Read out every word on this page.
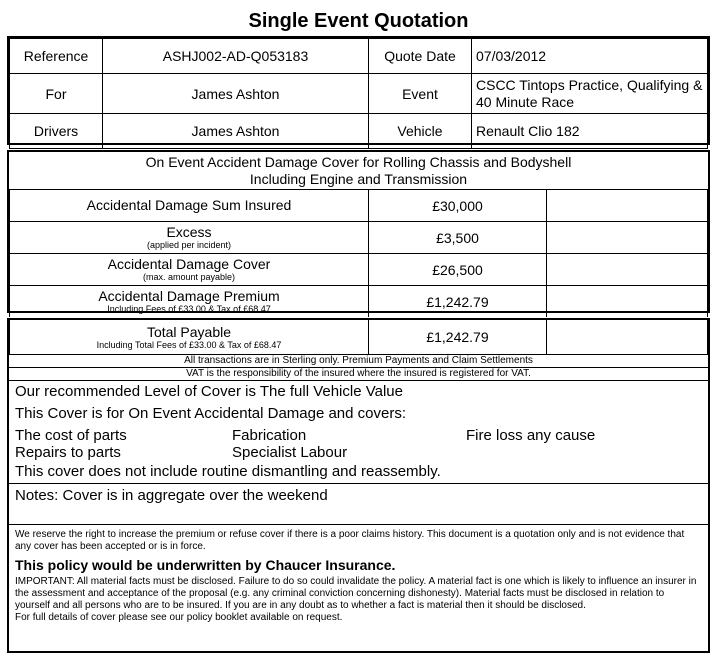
Single Event Quotation
Reference	ASHJ002-AD-Q053183	Quote Date	07/03/2012
For	James Ashton	Event	CSCC Tintops Practice, Qualifying & 40 Minute Race
Drivers	James Ashton	Vehicle	Renault Clio 182
On Event Accident Damage Cover for Rolling Chassis and Bodyshell
Including Engine and Transmission
Accidental Damage Sum Insured	£30,000	
Excess
(applied per incident)	£3,500	
Accidental Damage Cover
(max. amount payable)	£26,500	
Accidental Damage Premium
Including Fees of £33.00 & Tax of £68.47	£1,242.79	
Total Payable
Including Total Fees of £33.00 & Tax of £68.47	£1,242.79	
All transactions are in Sterling only. Premium Payments and Claim Settlements
VAT is the responsibility of the insured where the insured is registered for VAT.
Our recommended Level of Cover is The full Vehicle Value
This Cover is for On Event Accidental Damage and covers:
The cost of parts	Fabrication	Fire loss any cause
Repairs to parts	Specialist Labour
This cover does not include routine dismantling and reassembly.
Notes: Cover is in aggregate over the weekend
We reserve the right to increase the premium or refuse cover if there is a poor claims history. This document is a quotation only and is not evidence that any cover has been accepted or is in force.
This policy would be underwritten by Chaucer Insurance.
IMPORTANT: All material facts must be disclosed. Failure to do so could invalidate the policy. A material fact is one which is likely to influence an insurer in the assessment and acceptance of the proposal (e.g. any criminal conviction concerning dishonesty). Material facts must be disclosed in relation to yourself and all persons who are to be insured. If you are in any doubt as to whether a fact is material then it should be disclosed.
For full details of cover please see our policy booklet available on request.
